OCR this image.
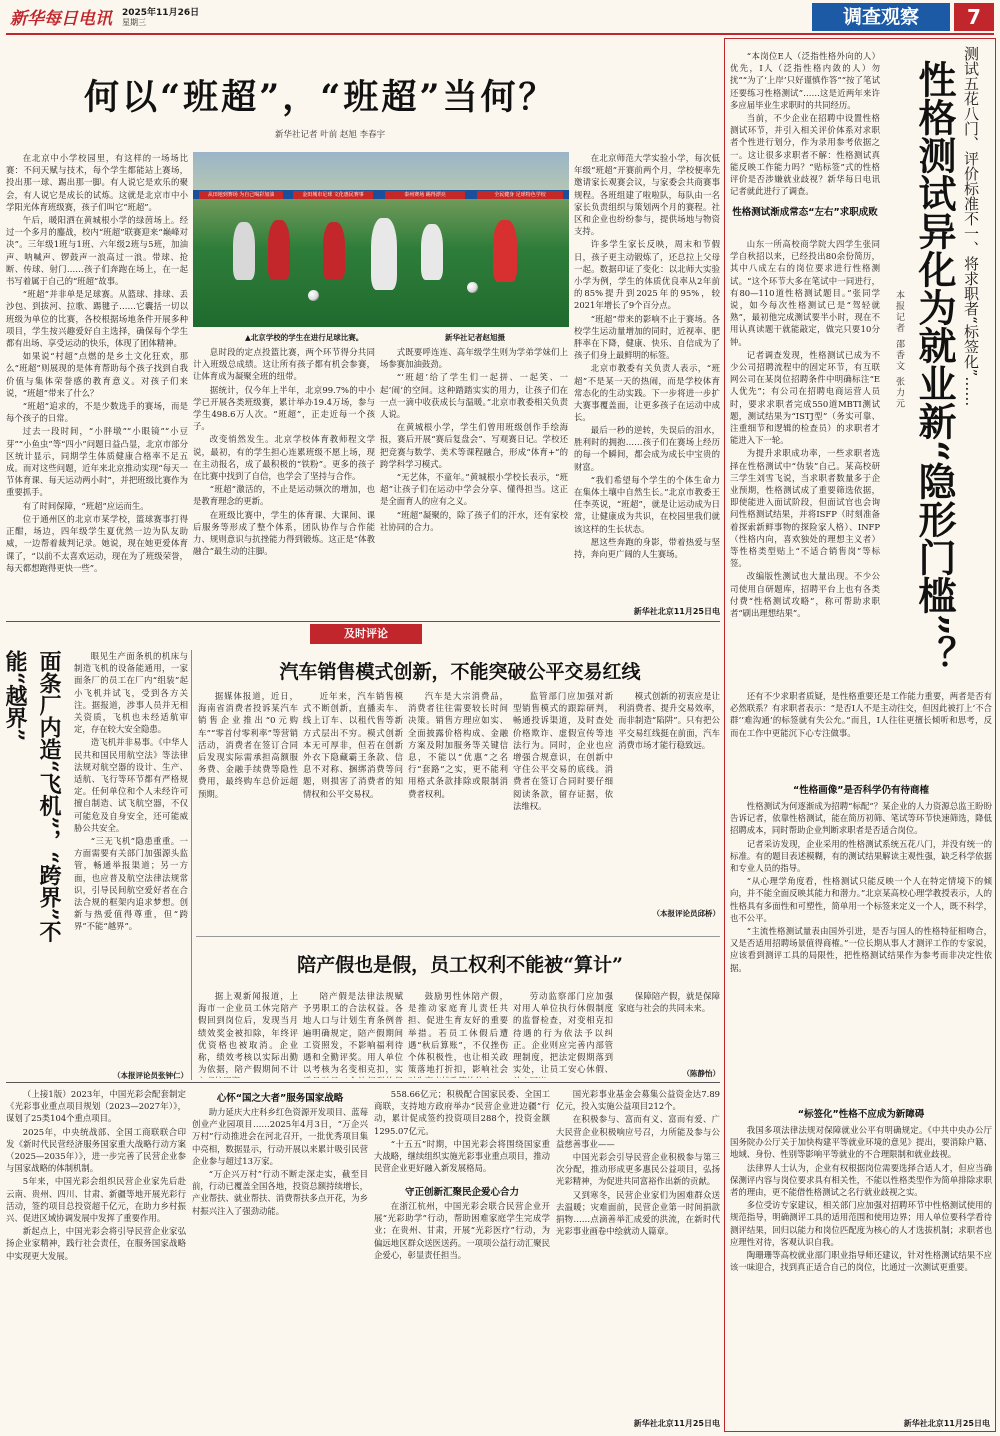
新华每日电讯	2025年11月26日
星期三	调查观察	7
何以“班超”，“班超”当何？
新华社记者 叶前 赵旭 李春宇
从田地到赛场 为自己喝彩加油	金田城市足球 文化惠民赛事	泰州赛场 踢得漂亮	全民健身 足球特色学校
▲北京学校的学生在进行足球比赛。	新华社记者赵旭摄

在北京中小学校园里，有这样的一场场比赛：不问天赋与技术，每个学生都能站上赛场，投出那一球、踢出那一脚。有人说它是欢乐的聚会，有人说它是成长的试炼。这就是北京市中小学阳光体育班级赛，孩子们叫它“班超”。

午后，暖阳洒在黄城根小学的绿茵场上。经过一个多月的鏖战，校内“班超”联赛迎来“巅峰对决”。三年级1班与1班、六年级2班与5班，加油声、呐喊声、锣鼓声一浪高过一浪。带球、抢断、传球、射门……孩子们奔跑在场上，在一起书写着属于自己的“班超”故事。

“班超”并非单是足球赛。从篮球、排球、丢沙包、到拔河、拉歌、踢毽子……它囊括一切以班级为单位的比赛，各校根据场地条件开展多种项目，学生按兴趣爱好自主选择，确保每个学生都有出场、享受运动的快乐，体现了团体精神。

如果说“村超”点燃的是乡土文化狂欢，那么“班超”则展现的是体育帮助每个孩子找到自我价值与集体荣誉感的教育意义。对孩子们来说，“班超”带来了什么？

“班超”追求的，不是少数选手的赛场，而是每个孩子的日常。

过去一段时间，“小胖墩”“小眼镜”“小豆芽”“小鱼虫”等“四小”问题日益凸显，北京市部分区统计显示，同期学生体质健康合格率不足五成。而对这些问题，近年来北京推动实现“每天一节体育课、每天运动两小时”，并把班级比赛作为重要抓手。

有了时间保障，“班超”应运而生。

位于通州区的北京市某学校，篮球赛事打得正酣，场边，四年级学生夏优然一边为队友助威，一边帮着裁判记录。她说，现在她更爱体育课了，“以前不太喜欢运动，现在为了班级荣誉，每天都想跑得更快一些”。

息时段的定点投篮比赛，两个环节得分共同计入班级总成绩。这让所有孩子都有机会参赛，让体育成为凝聚全班的纽带。

据统计，仅今年上半年，北京99.7%的中小学已开展各类班级赛，累计举办19.4万场，参与学生498.6万人次。“班超”，正走近每一个孩子。

改变悄然发生。北京学校体育教师程文学说，最初，有的学生担心连累班级不愿上场，现在主动报名，成了最积极的“铁粉”。更多的孩子在比赛中找到了自信，也学会了坚持与合作。

“班超”激活的，不止是运动频次的增加，也是教育理念的更新。

在班级比赛中，学生的体育课、大课间、课后服务等形成了整个体系，团队协作与合作能力、规则意识与抗挫能力得到锻炼。这正是“体教融合”最生动的注脚。

式既要呼连连、高年级学生则为学弟学妹们上场参赛加油鼓劲。

“‘班超’给了学生们一起拼、一起笑、一起‘闹’的空间。这种踏踏实实的用力，让孩子们在一点一滴中收获成长与温暖。”北京市教委相关负责人说。

在黄城根小学，学生们曾用班级创作手绘海报，赛后开展“赛后复盘会”、写观赛日记。学校还把竞赛与数学、美术等课程融合，形成“体育+”的跨学科学习模式。

“无艺体，不童年。”黄城根小学校长表示，“班超”让孩子们在运动中学会分享、懂得担当。这正是全面育人的应有之义。

“班超”凝聚的，除了孩子们的汗水，还有家校社协同的合力。

在北京师范大学实验小学，每次低年级“班超”开赛前两个月，学校便率先邀请家长观赛会议，与家委会共商赛事规程。各班组建了啦啦队，每队由一名家长负责组织与策划两个月的赛程。社区和企业也纷纷参与，提供场地与物资支持。

许多学生家长反映，周末和节假日，孩子更主动锻炼了，还总拉上父母一起。数据印证了变化：以北师大实验小学为例，学生的体质优良率从2年前的85%提升到2025年的95%，较2021年增长了9个百分点。

“班超”带来的影响不止于赛场。各校学生运动量增加的同时，近视率、肥胖率在下降，健康、快乐、自信成为了孩子们身上最鲜明的标签。

北京市教委有关负责人表示，“班超”不是某一天的热闹，而是学校体育常态化的生动实践。下一步将进一步扩大赛事覆盖面，让更多孩子在运动中成长。

最后一秒的逆转，失误后的泪水，胜利时的拥抱……孩子们在赛场上经历的每一个瞬间，都会成为成长中宝贵的财富。

“我们希望每个学生的个体生命力在集体土壤中自然生长。”北京市教委王任李英说，“班超”，就是让运动成为日常，让健康成为共识，在校园里我们就该这样的生长状态。

愿这些奔跑的身影，带着热爱与坚持，奔向更广阔的人生赛场。

新华社北京11月25日电
及时评论
面条厂内造“飞机”，“跨界”不能“越界”	眼见生产面条机的机床与制造飞机的设备能通用，一家面条厂的员工在厂内“组装”起小飞机并试飞，受到各方关注。据报道，涉事人员并无相关资质，飞机也未经适航审定，存在较大安全隐患。

造飞机并非易事。《中华人民共和国民用航空法》等法律法规对航空器的设计、生产、适航、飞行等环节都有严格规定。任何单位和个人未经许可擅自制造、试飞航空器，不仅可能危及自身安全，还可能威胁公共安全。

“三无飞机”隐患重重。一方面需要有关部门加强源头监管，畅通举报渠道；另一方面，也应普及航空法律法规常识，引导民间航空爱好者在合法合规的框架内追求梦想。创新与热爱值得尊重，但“跨界”不能“越界”。

（本报评论员张钟仁）
汽车销售模式创新，不能突破公平交易红线

据媒体报道，近日，海南省消费者投诉某汽车销售企业推出“0元购车”“零首付零利率”等营销活动，消费者在签订合同后发现实际需承担高额服务费、金融手续费等隐性费用，最终购车总价远超预期。

近年来，汽车销售模式不断创新，直播卖车、线上订车、以租代售等新方式层出不穷。模式创新本无可厚非，但若在创新外衣下隐藏霸王条款、信息不对称、捆绑消费等问题，则损害了消费者的知情权和公平交易权。

汽车是大宗消费品，消费者往往需要较长时间决策。销售方理应如实、全面披露价格构成、金融方案及附加服务等关键信息，不能以“优惠”之名行“套路”之实，更不能利用格式条款排除或限制消费者权利。

监管部门应加强对新型销售模式的跟踪研判，畅通投诉渠道，及时查处价格欺诈、虚假宣传等违法行为。同时，企业也应增强合规意识，在创新中守住公平交易的底线。消费者在签订合同时要仔细阅读条款，留存证据，依法维权。

模式创新的初衷应是让利消费者、提升交易效率，而非制造“陷阱”。只有把公平交易红线挺在前面，汽车消费市场才能行稳致远。

（本报评论员邱桥）
陪产假也是假，员工权利不能被“算计”

据上观新闻报道，上海市一企业员工休完陪产假回到岗位后，发现当月绩效奖金被扣除，年终评优资格也被取消。企业称，绩效考核以实际出勤为依据，陪产假期间不计

陪产假是法律法规赋予男职工的合法权益。各地人口与计划生育条例普遍明确规定，陪产假期间工资照发，不影响福利待遇和全勤评奖。用人单位以考核为名变相克扣，实

鼓励男性休陪产假，是推动家庭育儿责任共担、促进生育友好的重要举措。若员工休假后遭遇“秋后算账”，不仅挫伤个体积极性，也让相关政策落地打折扣，影响社会

劳动监察部门应加强对用人单位执行休假制度的监督检查，对变相克扣待遇的行为依法予以纠正。企业则应完善内部管理制度，把法定假期落到实处，让员工安心休假、

保障陪产假，就是保障家庭与社会的共同未来。

（陈静怡）

（上接1版）2023年，中国光彩会配套制定《光彩事业重点项目规划（2023—2027年）》，谋划了25类104个重点项目。

2025年，中央统战部、全国工商联联合印发《新时代民营经济服务国家重大战略行动方案（2025—2035年）》，进一步完善了民营企业参与国家战略的体制机制。

5年来，中国光彩会组织民营企业家先后赴云南、贵州、四川、甘肃、新疆等地开展光彩行活动，签约项目总投资超千亿元，在助力乡村振兴、促进区域协调发展中发挥了重要作用。

新起点上，中国光彩会将引导民营企业家弘扬企业家精神，践行社会责任，在服务国家战略中实现更大发展。

心怀“国之大者”服务国家战略

助力延庆大庄科乡红色资源开发项目、蓝莓创业产业园项目……2025年4月3日，“万企兴万村”行动推进会在河北召开，一批优秀项目集中亮相，数据显示，行动开展以来累计吸引民营企业参与超过13万家。

“万企兴万村”行动不断走深走实，截至目前，行动已覆盖全国各地，投资总额持续增长，产业帮扶、就业帮扶、消费帮扶多点开花，为乡村振兴注入了强劲动能。

558.66亿元；积极配合国家民委、全国工商联，支持地方政府举办“民营企业进边疆”行动，累计促成签约投资项目288个，投资金额1295.07亿元。

“十五五”时期，中国光彩会将围绕国家重大战略，继续组织实施光彩事业重点项目，推动民营企业更好融入新发展格局。

守正创新汇聚民企爱心合力

在浙江杭州，中国光彩会联合民营企业开展“光彩助学”行动，帮助困难家庭学生完成学业；在贵州、甘肃，开展“光彩医疗”行动，为偏远地区群众送医送药。一项项公益行动汇聚民企爱心，彰显责任担当。

国光彩事业基金会募集公益资金达7.89亿元，投入实施公益项目212个。

在积极参与、富而有义、富而有爱、广大民营企业积极响应号召，力所能及参与公益慈善事业——

中国光彩会引导民营企业积极参与第三次分配，推动形成更多惠民公益项目，弘扬光彩精神，为促进共同富裕作出新的贡献。

又到寒冬，民营企业家们为困难群众送去温暖；灾难面前，民营企业第一时间捐款捐物……点滴善举汇成爱的洪流，在新时代光彩事业画卷中绘就动人篇章。

新华社北京11月25日电
测试五花八门、评价标准不一、将求职者“标签化”……
性格测试异化为就业新“隐形门槛”？
本报记者 邵香文 张力元

“本岗位E人（泛指性格外向的人）优先，I人（泛指性格内敛的人）勿扰”“为了‘上岸’只好谨慎作答”“按了笔试还要练习性格测试”……这是近两年来许多应届毕业生求职时的共同经历。

当前，不少企业在招聘中设置性格测试环节，并引入相关评价体系对求职者个性进行划分，作为录用参考依据之一。这让很多求职者不解：性格测试真能反映工作能力吗？“贴标签”式的性格评价是否涉嫌就业歧视？新华每日电讯记者就此进行了调查。

性格测试渐成常态“左右”求职成败

山东一所高校商学院大四学生张同学自秋招以来，已经投出80余份简历，其中八成左右的岗位要求进行性格测试。“这个环节大多在笔试中一同进行，有80—110道性格测试题目。”张同学说，如今每次性格测试已是“驾轻就熟”，最初他完成测试要半小时，现在不用认真读题干就能敲定，做完只要10分钟。

记者调查发现，性格测试已成为不少公司招聘流程中的固定环节，有互联网公司在某岗位招聘条件中明确标注“E人优先”；有公司在招聘电商运营人员时，要求求职者完成550道MBTI测试题，测试结果为“ISTJ型”（务实可靠、注重细节和逻辑的检查员）的求职者才能进入下一轮。

为提升求职成功率，一些求职者选择在性格测试中“伪装”自己。某高校研三学生刘雪飞说，当求职者数量多于企业预期，性格测试成了重要筛选依据，即使能进入面试阶段，但面试官也会询问性格测试结果，并将ISFP（时刻准备着探索新鲜事物的探险家人格）、INFP（性格内向，喜欢独处的理想主义者）等性格类型贴上“不适合销售岗”等标签。

改编版性测试也大量出现。不少公司使用自研题库，招聘平台上也有各类付费“性格测试攻略”，称可帮助求职者“刷出理想结果”。

还有不少求职者质疑，是性格重要还是工作能力重要，两者是否有必然联系？有求职者表示：“是否I人不是主动往交，但因此被打上‘不合群’‘难沟通’的标签就有失公允。”而且，I人往往更擅长倾听和思考，反而在工作中更能沉下心专注做事。

“性格画像”是否科学仍有待商榷

性格测试为何逐渐成为招聘“标配”？某企业的人力资源总监王盼盼告诉记者，依靠性格测试，能在简历初筛、笔试等环节快速筛选，降低招聘成本，同时帮助企业判断求职者是否适合岗位。

记者采访发现，企业采用的性格测试系统五花八门，并没有统一的标准。有的题目表述模糊，有的测试结果解读主观性强，缺乏科学依据和专业人员的指导。

“从心理学角度看，性格测试只能反映一个人在特定情境下的倾向，并不能全面反映其能力和潜力。”北京某高校心理学教授表示，人的性格具有多面性和可塑性，简单用一个标签来定义一个人，既不科学，也不公平。

“主流性格测试量表由国外引进，是否与国人的性格特征相吻合，又是否适用招聘场景值得商榷。”一位长期从事人才测评工作的专家说，应该看到测评工具的局限性，把性格测试结果作为参考而非决定性依据。

“标签化”性格不应成为新障碍

我国多项法律法规对保障就业公平有明确规定。《中共中央办公厅 国务院办公厅关于加快构建平等就业环境的意见》提出，要消除户籍、地域、身份、性别等影响平等就业的不合理限制和就业歧视。

法律界人士认为，企业有权根据岗位需要选择合适人才，但应当确保测评内容与岗位要求具有相关性，不能以性格类型作为简单排除求职者的理由，更不能借性格测试之名行就业歧视之实。

多位受访专家建议，相关部门应加强对招聘环节中性格测试使用的规范指导，明确测评工具的适用范围和使用边界；用人单位要科学看待测评结果，回归以能力和岗位匹配度为核心的人才选拔机制；求职者也应理性对待，客观认识自我。

陶珊珊等高校就业部门职业指导师还建议，针对性格测试结果不应该一味迎合，找到真正适合自己的岗位，比通过一次测试更重要。

新华社北京11月25日电
